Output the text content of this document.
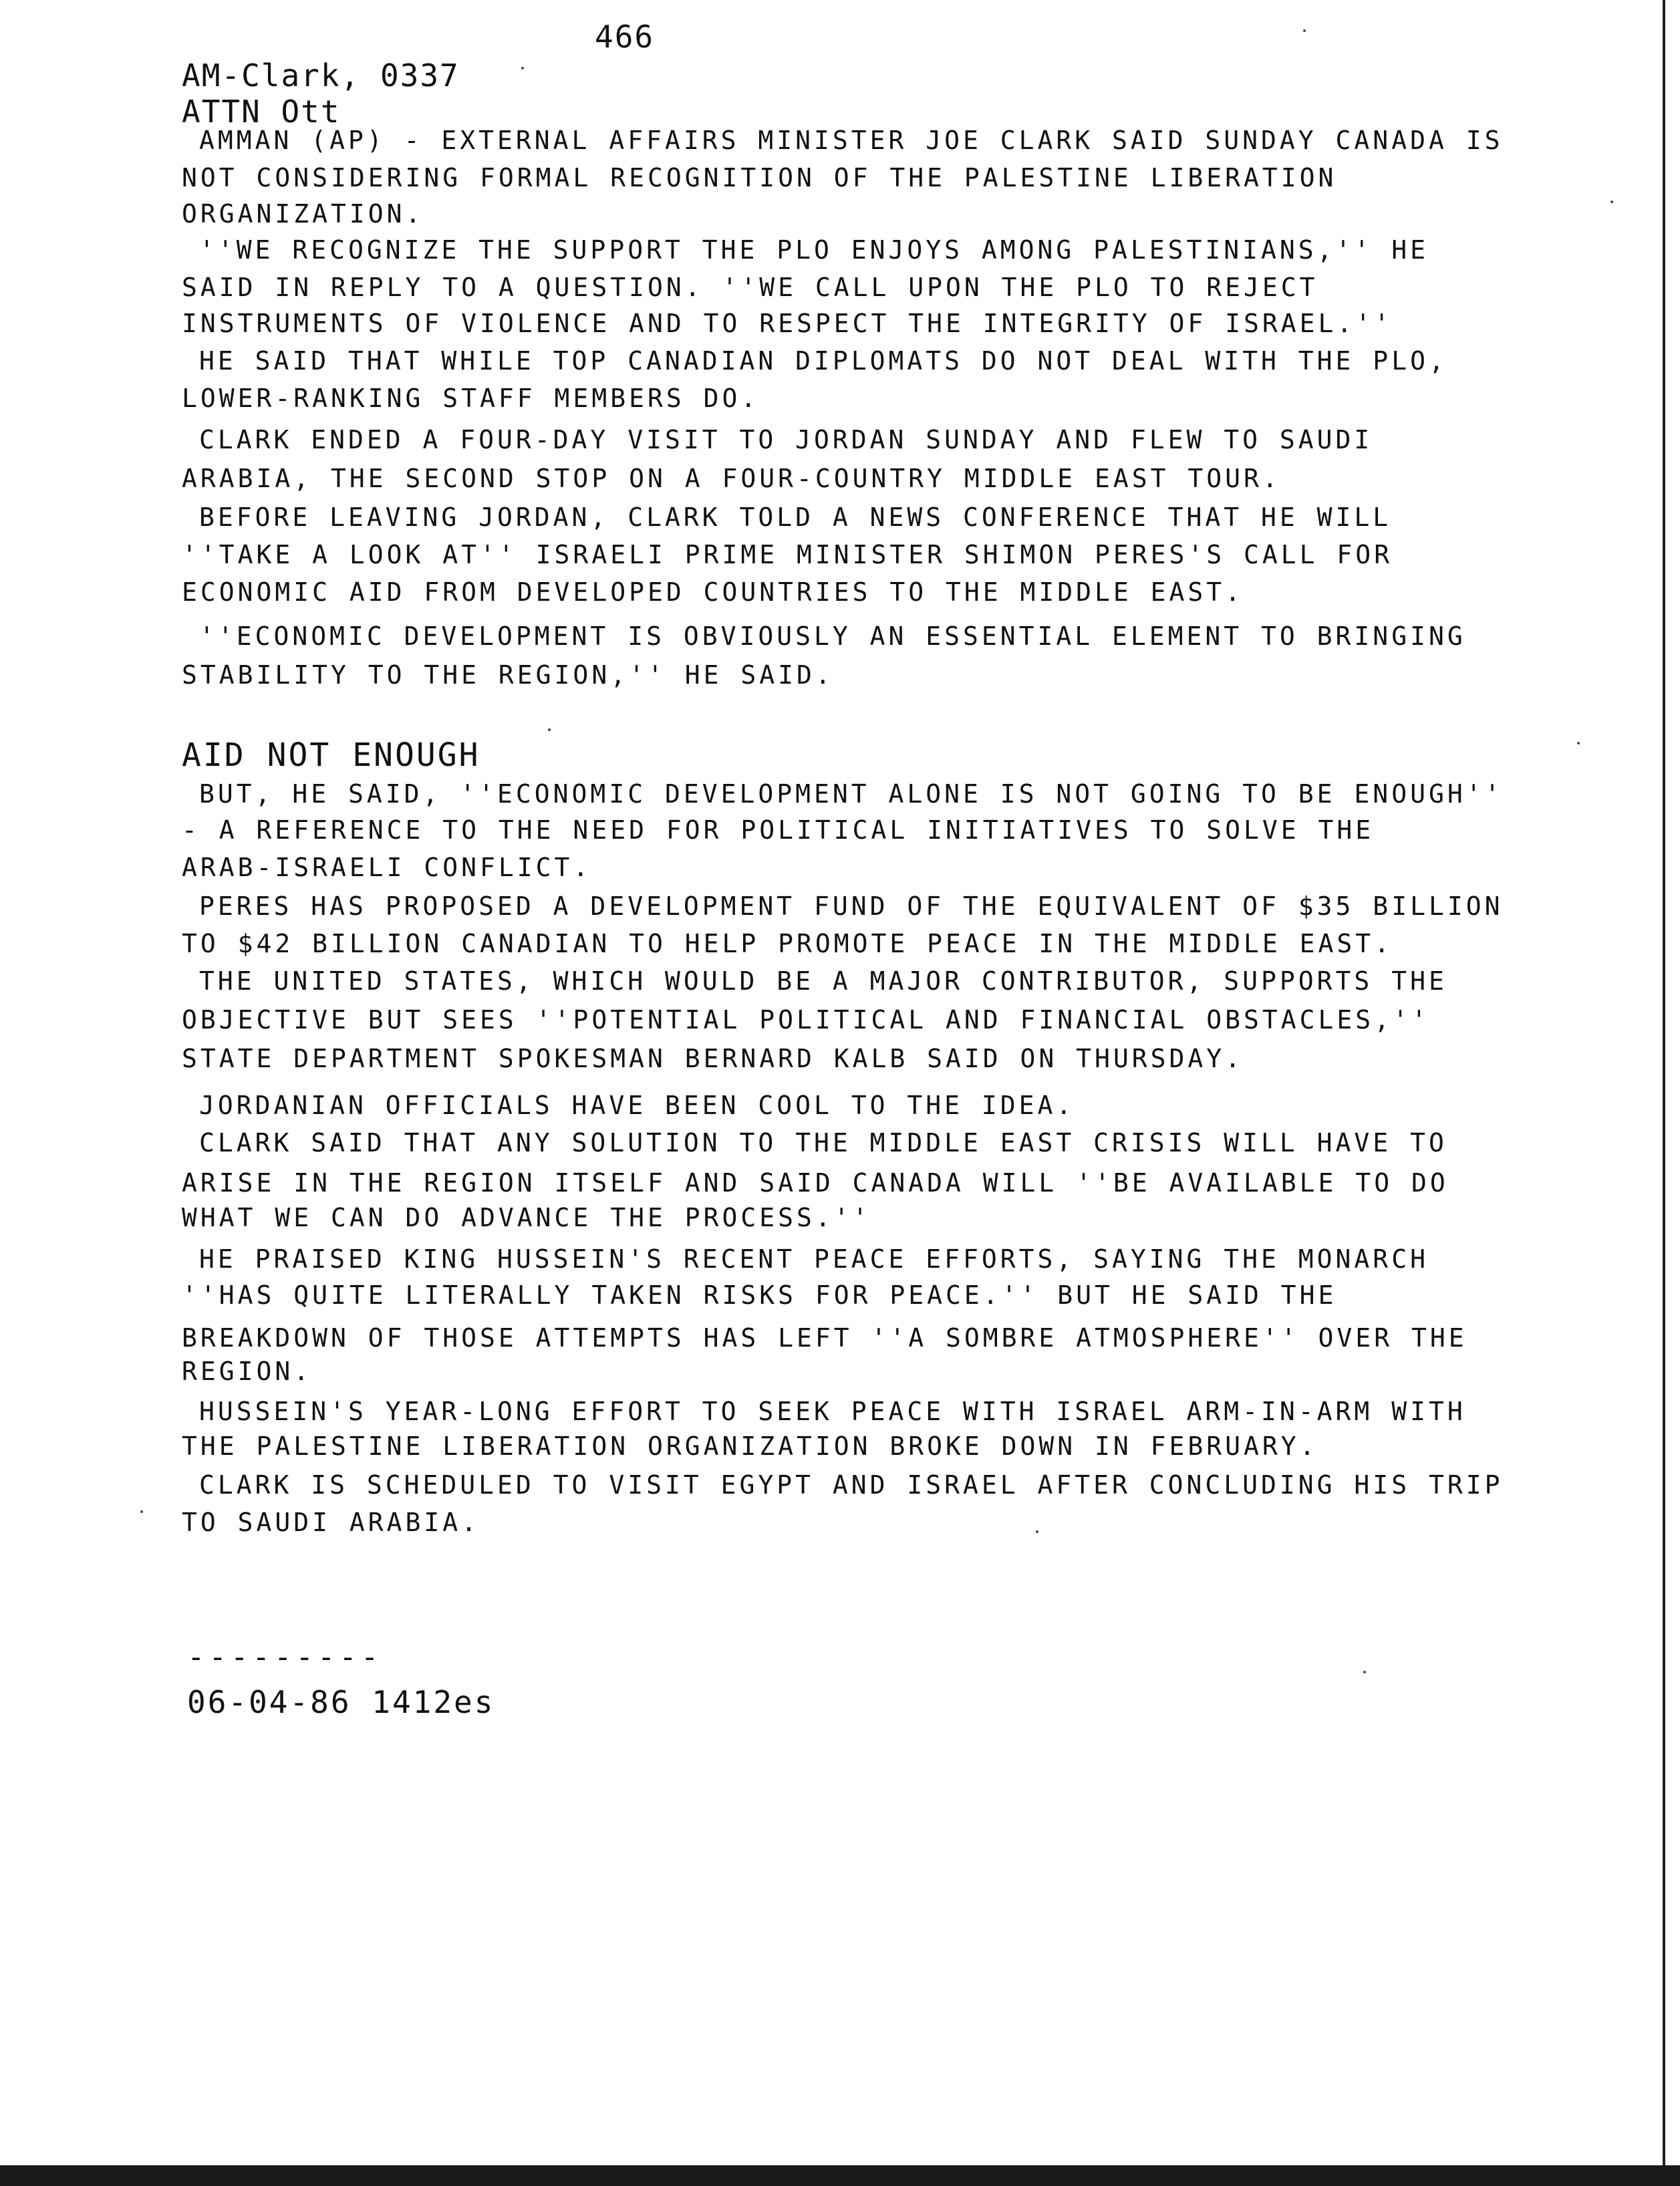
466
AM-Clark, 0337
ATTN Ott
AMMAN (AP) - EXTERNAL AFFAIRS MINISTER JOE CLARK SAID SUNDAY CANADA IS
NOT CONSIDERING FORMAL RECOGNITION OF THE PALESTINE LIBERATION
ORGANIZATION.
''WE RECOGNIZE THE SUPPORT THE PLO ENJOYS AMONG PALESTINIANS,'' HE
SAID IN REPLY TO A QUESTION. ''WE CALL UPON THE PLO TO REJECT
INSTRUMENTS OF VIOLENCE AND TO RESPECT THE INTEGRITY OF ISRAEL.''
HE SAID THAT WHILE TOP CANADIAN DIPLOMATS DO NOT DEAL WITH THE PLO,
LOWER-RANKING STAFF MEMBERS DO.
CLARK ENDED A FOUR-DAY VISIT TO JORDAN SUNDAY AND FLEW TO SAUDI
ARABIA, THE SECOND STOP ON A FOUR-COUNTRY MIDDLE EAST TOUR.
BEFORE LEAVING JORDAN, CLARK TOLD A NEWS CONFERENCE THAT HE WILL
''TAKE A LOOK AT'' ISRAELI PRIME MINISTER SHIMON PERES'S CALL FOR
ECONOMIC AID FROM DEVELOPED COUNTRIES TO THE MIDDLE EAST.
''ECONOMIC DEVELOPMENT IS OBVIOUSLY AN ESSENTIAL ELEMENT TO BRINGING
STABILITY TO THE REGION,'' HE SAID.
AID NOT ENOUGH
BUT, HE SAID, ''ECONOMIC DEVELOPMENT ALONE IS NOT GOING TO BE ENOUGH''
- A REFERENCE TO THE NEED FOR POLITICAL INITIATIVES TO SOLVE THE
ARAB-ISRAELI CONFLICT.
PERES HAS PROPOSED A DEVELOPMENT FUND OF THE EQUIVALENT OF $35 BILLION
TO $42 BILLION CANADIAN TO HELP PROMOTE PEACE IN THE MIDDLE EAST.
THE UNITED STATES, WHICH WOULD BE A MAJOR CONTRIBUTOR, SUPPORTS THE
OBJECTIVE BUT SEES ''POTENTIAL POLITICAL AND FINANCIAL OBSTACLES,''
STATE DEPARTMENT SPOKESMAN BERNARD KALB SAID ON THURSDAY.
JORDANIAN OFFICIALS HAVE BEEN COOL TO THE IDEA.
CLARK SAID THAT ANY SOLUTION TO THE MIDDLE EAST CRISIS WILL HAVE TO
ARISE IN THE REGION ITSELF AND SAID CANADA WILL ''BE AVAILABLE TO DO
WHAT WE CAN DO ADVANCE THE PROCESS.''
HE PRAISED KING HUSSEIN'S RECENT PEACE EFFORTS, SAYING THE MONARCH
''HAS QUITE LITERALLY TAKEN RISKS FOR PEACE.'' BUT HE SAID THE
BREAKDOWN OF THOSE ATTEMPTS HAS LEFT ''A SOMBRE ATMOSPHERE'' OVER THE
REGION.
HUSSEIN'S YEAR-LONG EFFORT TO SEEK PEACE WITH ISRAEL ARM-IN-ARM WITH
THE PALESTINE LIBERATION ORGANIZATION BROKE DOWN IN FEBRUARY.
CLARK IS SCHEDULED TO VISIT EGYPT AND ISRAEL AFTER CONCLUDING HIS TRIP
TO SAUDI ARABIA.
---------
06-04-86 1412es
